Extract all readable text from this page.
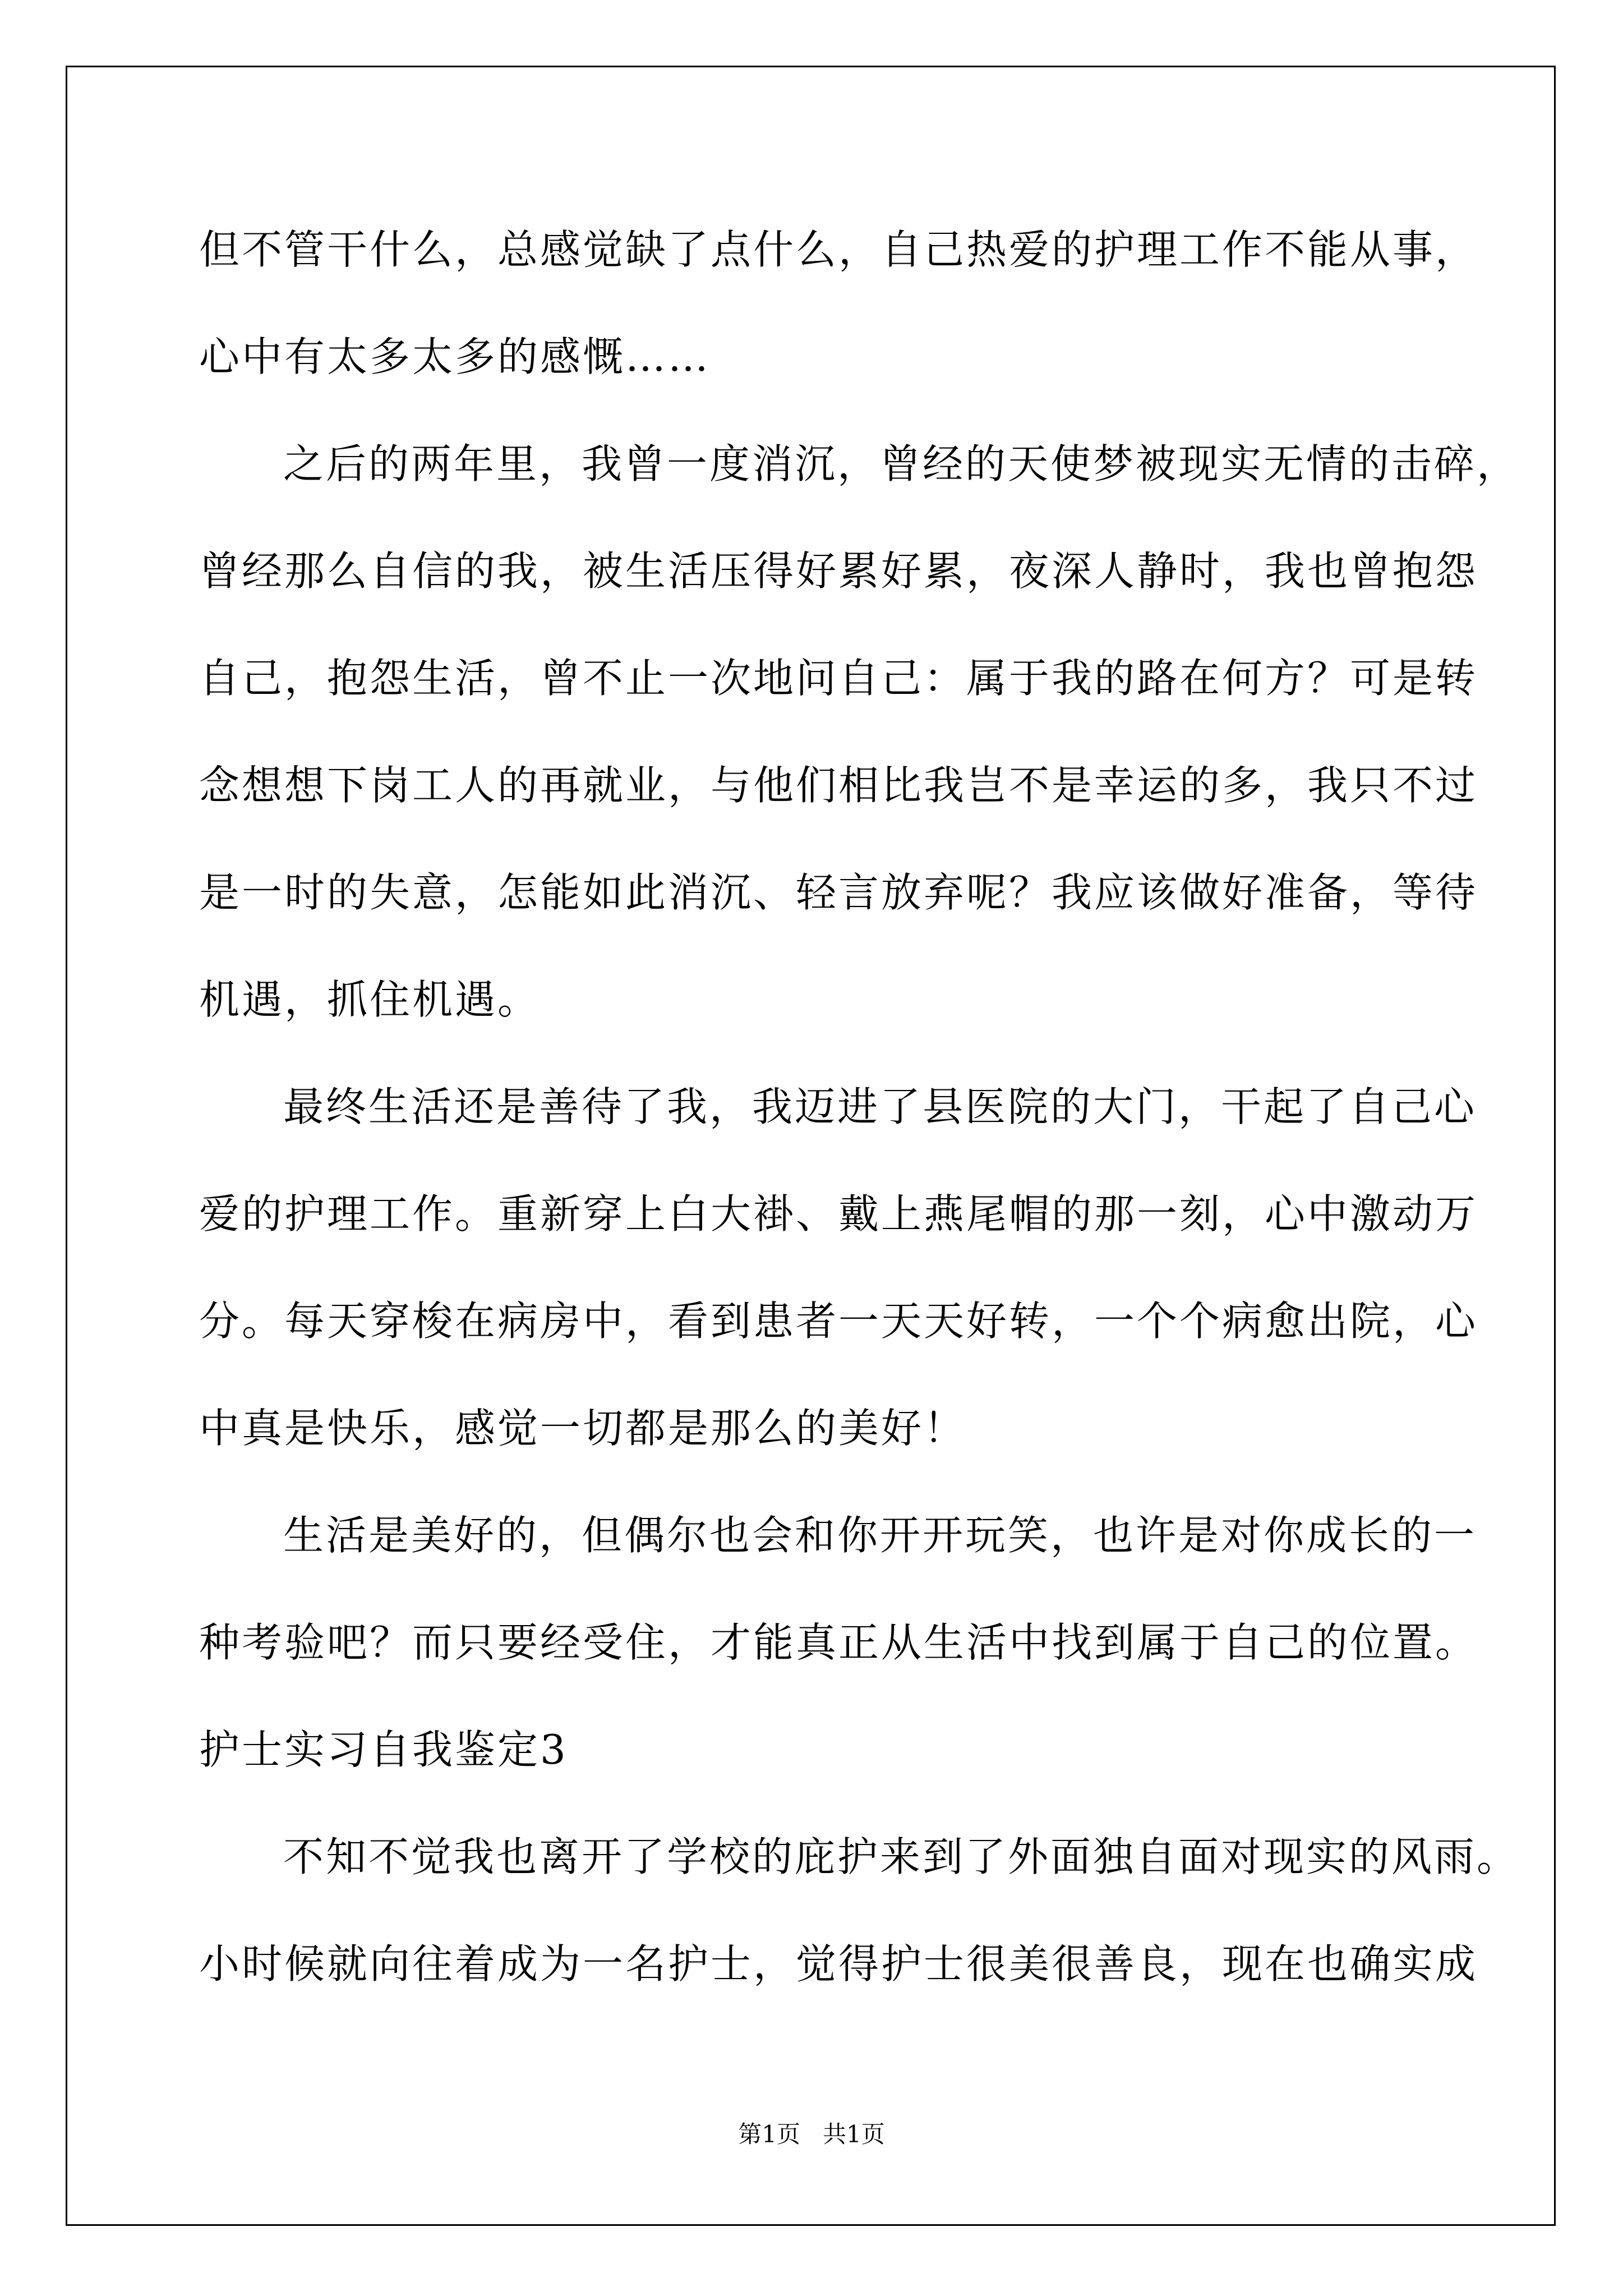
但不管干什么，总感觉缺了点什么，自己热爱的护理工作不能从事，
心中有太多太多的感慨……
之后的两年里，我曾一度消沉，曾经的天使梦被现实无情的击碎，
曾经那么自信的我，被生活压得好累好累，夜深人静时，我也曾抱怨
自己，抱怨生活，曾不止一次地问自己：属于我的路在何方？可是转
念想想下岗工人的再就业，与他们相比我岂不是幸运的多，我只不过
是一时的失意，怎能如此消沉、轻言放弃呢？我应该做好准备，等待
机遇，抓住机遇。
最终生活还是善待了我，我迈进了县医院的大门，干起了自己心
爱的护理工作。重新穿上白大褂、戴上燕尾帽的那一刻，心中激动万
分。每天穿梭在病房中，看到患者一天天好转，一个个病愈出院，心
中真是快乐，感觉一切都是那么的美好！
生活是美好的，但偶尔也会和你开开玩笑，也许是对你成长的一
种考验吧？而只要经受住，才能真正从生活中找到属于自己的位置。
护士实习自我鉴定3
不知不觉我也离开了学校的庇护来到了外面独自面对现实的风雨。
小时候就向往着成为一名护士，觉得护士很美很善良，现在也确实成
第1页   共1页
